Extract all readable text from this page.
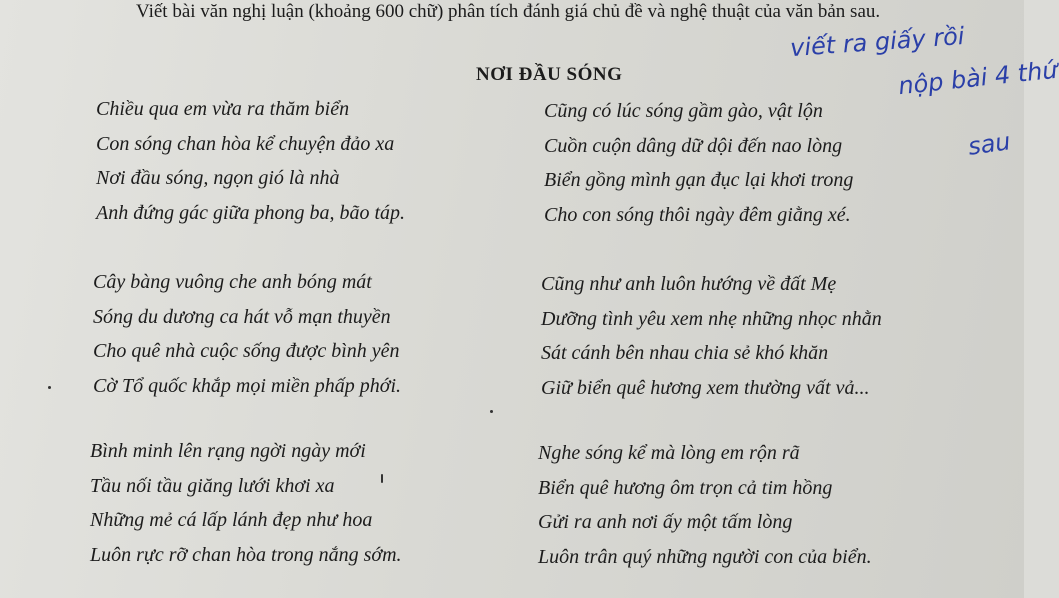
Viết bài văn nghị luận (khoảng 600 chữ) phân tích đánh giá chủ đề và nghệ thuật của văn bản sau.

NƠI ĐẦU SÓNG
Chiều qua em vừa ra thăm biển
Con sóng chan hòa kể chuyện đảo xa
Nơi đầu sóng, ngọn gió là nhà
Anh đứng gác giữa phong ba, bão táp.
Cũng có lúc sóng gầm gào, vật lộn
Cuồn cuộn dâng dữ dội đến nao lòng
Biển gồng mình gạn đục lại khơi trong
Cho con sóng thôi ngày đêm giằng xé.
Cây bàng vuông che anh bóng mát
Sóng du dương ca hát vỗ mạn thuyền
Cho quê nhà cuộc sống được bình yên
Cờ Tổ quốc khắp mọi miền phấp phới.
Cũng như anh luôn hướng về đất Mẹ
Dưỡng tình yêu xem nhẹ những nhọc nhằn
Sát cánh bên nhau chia sẻ khó khăn
Giữ biển quê hương xem thường vất vả...
Bình minh lên rạng ngời ngày mới
Tầu nối tầu giăng lưới khơi xa
Những mẻ cá lấp lánh đẹp như hoa
Luôn rực rỡ chan hòa trong nắng sớm.
Nghe sóng kể mà lòng em rộn rã
Biển quê hương ôm trọn cả tim hồng
Gửi ra anh nơi ấy một tấm lòng
Luôn trân quý những người con của biển.
viết ra giấy rồi
nộp bài 4 thứ
sau
